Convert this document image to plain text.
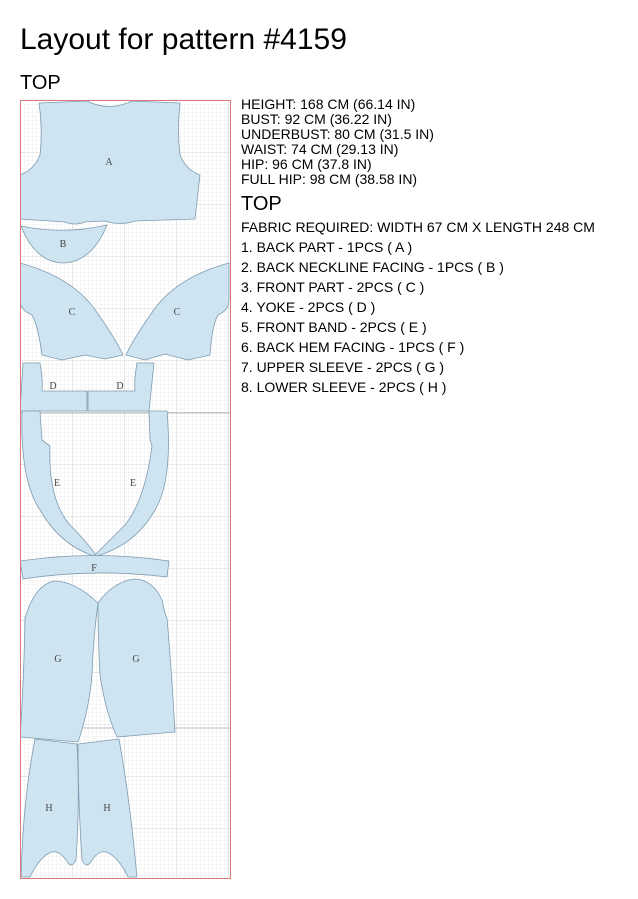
Layout for pattern #4159
TOP
A
B
C	C
D	D
E	E
F
G	G
H	H
HEIGHT: 168 CM (66.14 IN)
BUST: 92 CM (36.22 IN)
UNDERBUST: 80 CM (31.5 IN)
WAIST: 74 CM (29.13 IN)
HIP: 96 CM (37.8 IN)
FULL HIP: 98 CM (38.58 IN)
TOP
FABRIC REQUIRED: WIDTH 67 CM X LENGTH 248 CM
1. BACK PART - 1PCS ( A )
2. BACK NECKLINE FACING - 1PCS ( B )
3. FRONT PART - 2PCS ( C )
4. YOKE - 2PCS ( D )
5. FRONT BAND - 2PCS ( E )
6. BACK HEM FACING - 1PCS ( F )
7. UPPER SLEEVE - 2PCS ( G )
8. LOWER SLEEVE - 2PCS ( H )
